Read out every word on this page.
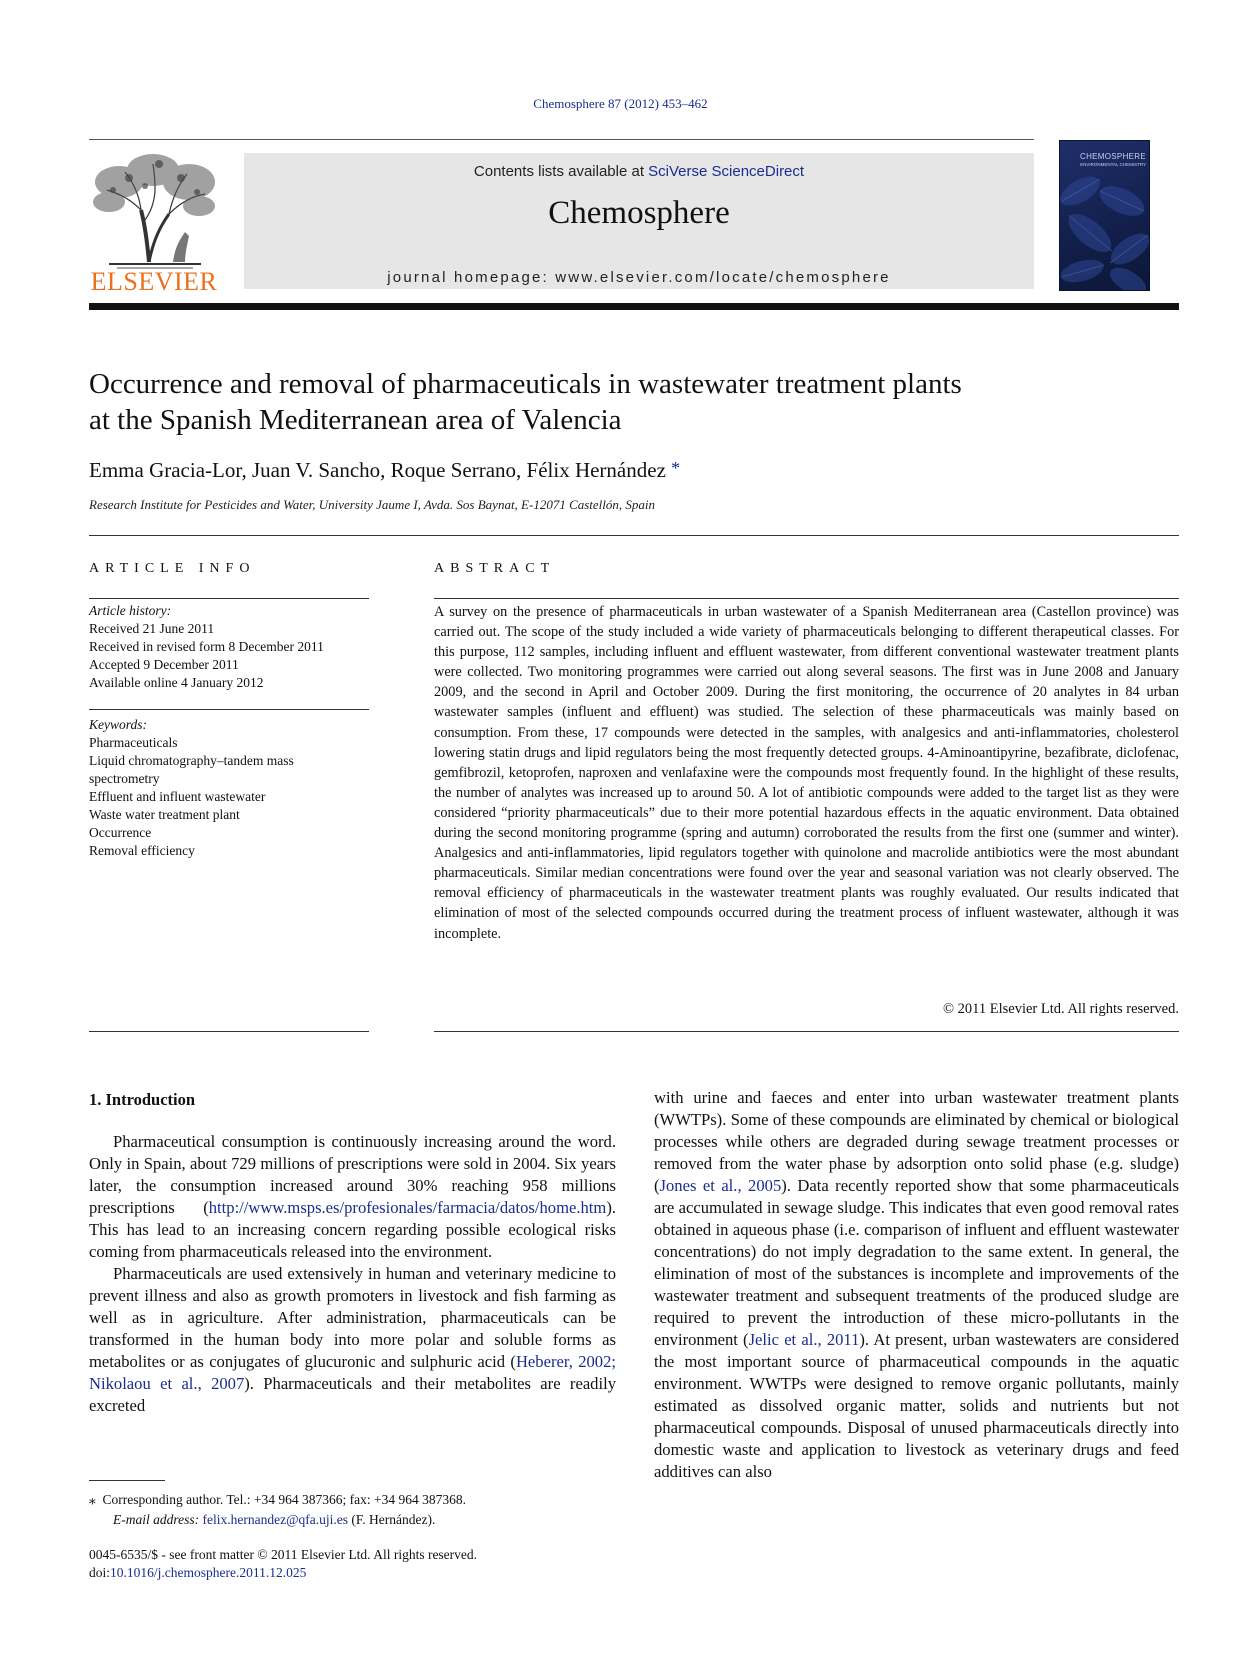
Chemosphere 87 (2012) 453–462
ELSEVIER
Contents lists available at SciVerse ScienceDirect
Chemosphere
journal homepage: www.elsevier.com/locate/chemosphere
CHEMOSPHERE
ENVIRONMENTAL CHEMISTRY
Occurrence and removal of pharmaceuticals in wastewater treatment plants
at the Spanish Mediterranean area of Valencia
Emma Gracia-Lor, Juan V. Sancho, Roque Serrano, Félix Hernández *
Research Institute for Pesticides and Water, University Jaume I, Avda. Sos Baynat, E-12071 Castellón, Spain
ARTICLE INFO
Article history:
Received 21 June 2011
Received in revised form 8 December 2011
Accepted 9 December 2011
Available online 4 January 2012
Keywords:
Pharmaceuticals
Liquid chromatography–tandem mass
spectrometry
Effluent and influent wastewater
Waste water treatment plant
Occurrence
Removal efficiency
ABSTRACT

A survey on the presence of pharmaceuticals in urban wastewater of a Spanish Mediterranean area (Castellon province) was carried out. The scope of the study included a wide variety of pharmaceuticals belonging to different therapeutical classes. For this purpose, 112 samples, including influent and effluent wastewater, from different conventional wastewater treatment plants were collected. Two monitoring programmes were carried out along several seasons. The first was in June 2008 and January 2009, and the second in April and October 2009. During the first monitoring, the occurrence of 20 analytes in 84 urban wastewater samples (influent and effluent) was studied. The selection of these pharmaceuticals was mainly based on consumption. From these, 17 compounds were detected in the samples, with analgesics and anti-inflammatories, cholesterol lowering statin drugs and lipid regulators being the most frequently detected groups. 4-Aminoantipyrine, bezafibrate, diclofenac, gemfibrozil, ketoprofen, naproxen and venlafaxine were the compounds most frequently found. In the highlight of these results, the number of analytes was increased up to around 50. A lot of antibiotic compounds were added to the target list as they were considered “priority pharmaceuticals” due to their more potential hazardous effects in the aquatic environment. Data obtained during the second monitoring programme (spring and autumn) corroborated the results from the first one (summer and winter). Analgesics and anti-inflammatories, lipid regulators together with quinolone and macrolide antibiotics were the most abundant pharmaceuticals. Similar median concentrations were found over the year and seasonal variation was not clearly observed. The removal efficiency of pharmaceuticals in the wastewater treatment plants was roughly evaluated. Our results indicated that elimination of most of the selected compounds occurred during the treatment process of influent wastewater, although it was incomplete.

© 2011 Elsevier Ltd. All rights reserved.
1. Introduction

Pharmaceutical consumption is continuously increasing around the word. Only in Spain, about 729 millions of prescriptions were sold in 2004. Six years later, the consumption increased around 30% reaching 958 millions prescriptions (http://www.msps.es/profesionales/farmacia/datos/home.htm). This has lead to an increasing concern regarding possible ecological risks coming from pharmaceuticals released into the environment.

Pharmaceuticals are used extensively in human and veterinary medicine to prevent illness and also as growth promoters in livestock and fish farming as well as in agriculture. After administration, pharmaceuticals can be transformed in the human body into more polar and soluble forms as metabolites or as conjugates of glucuronic and sulphuric acid (Heberer, 2002; Nikolaou et al., 2007). Pharmaceuticals and their metabolites are readily excreted

with urine and faeces and enter into urban wastewater treatment plants (WWTPs). Some of these compounds are eliminated by chemical or biological processes while others are degraded during sewage treatment processes or removed from the water phase by adsorption onto solid phase (e.g. sludge) (Jones et al., 2005). Data recently reported show that some pharmaceuticals are accumulated in sewage sludge. This indicates that even good removal rates obtained in aqueous phase (i.e. comparison of influent and effluent wastewater concentrations) do not imply degradation to the same extent. In general, the elimination of most of the substances is incomplete and improvements of the wastewater treatment and subsequent treatments of the produced sludge are required to prevent the introduction of these micro-pollutants in the environment (Jelic et al., 2011). At present, urban wastewaters are considered the most important source of pharmaceutical compounds in the aquatic environment. WWTPs were designed to remove organic pollutants, mainly estimated as dissolved organic matter, solids and nutrients but not pharmaceutical compounds. Disposal of unused pharmaceuticals directly into domestic waste and application to livestock as veterinary drugs and feed additives can also

⁎ Corresponding author. Tel.: +34 964 387366; fax: +34 964 387368.
E-mail address: felix.hernandez@qfa.uji.es (F. Hernández).
0045-6535/$ - see front matter © 2011 Elsevier Ltd. All rights reserved.
doi:10.1016/j.chemosphere.2011.12.025
